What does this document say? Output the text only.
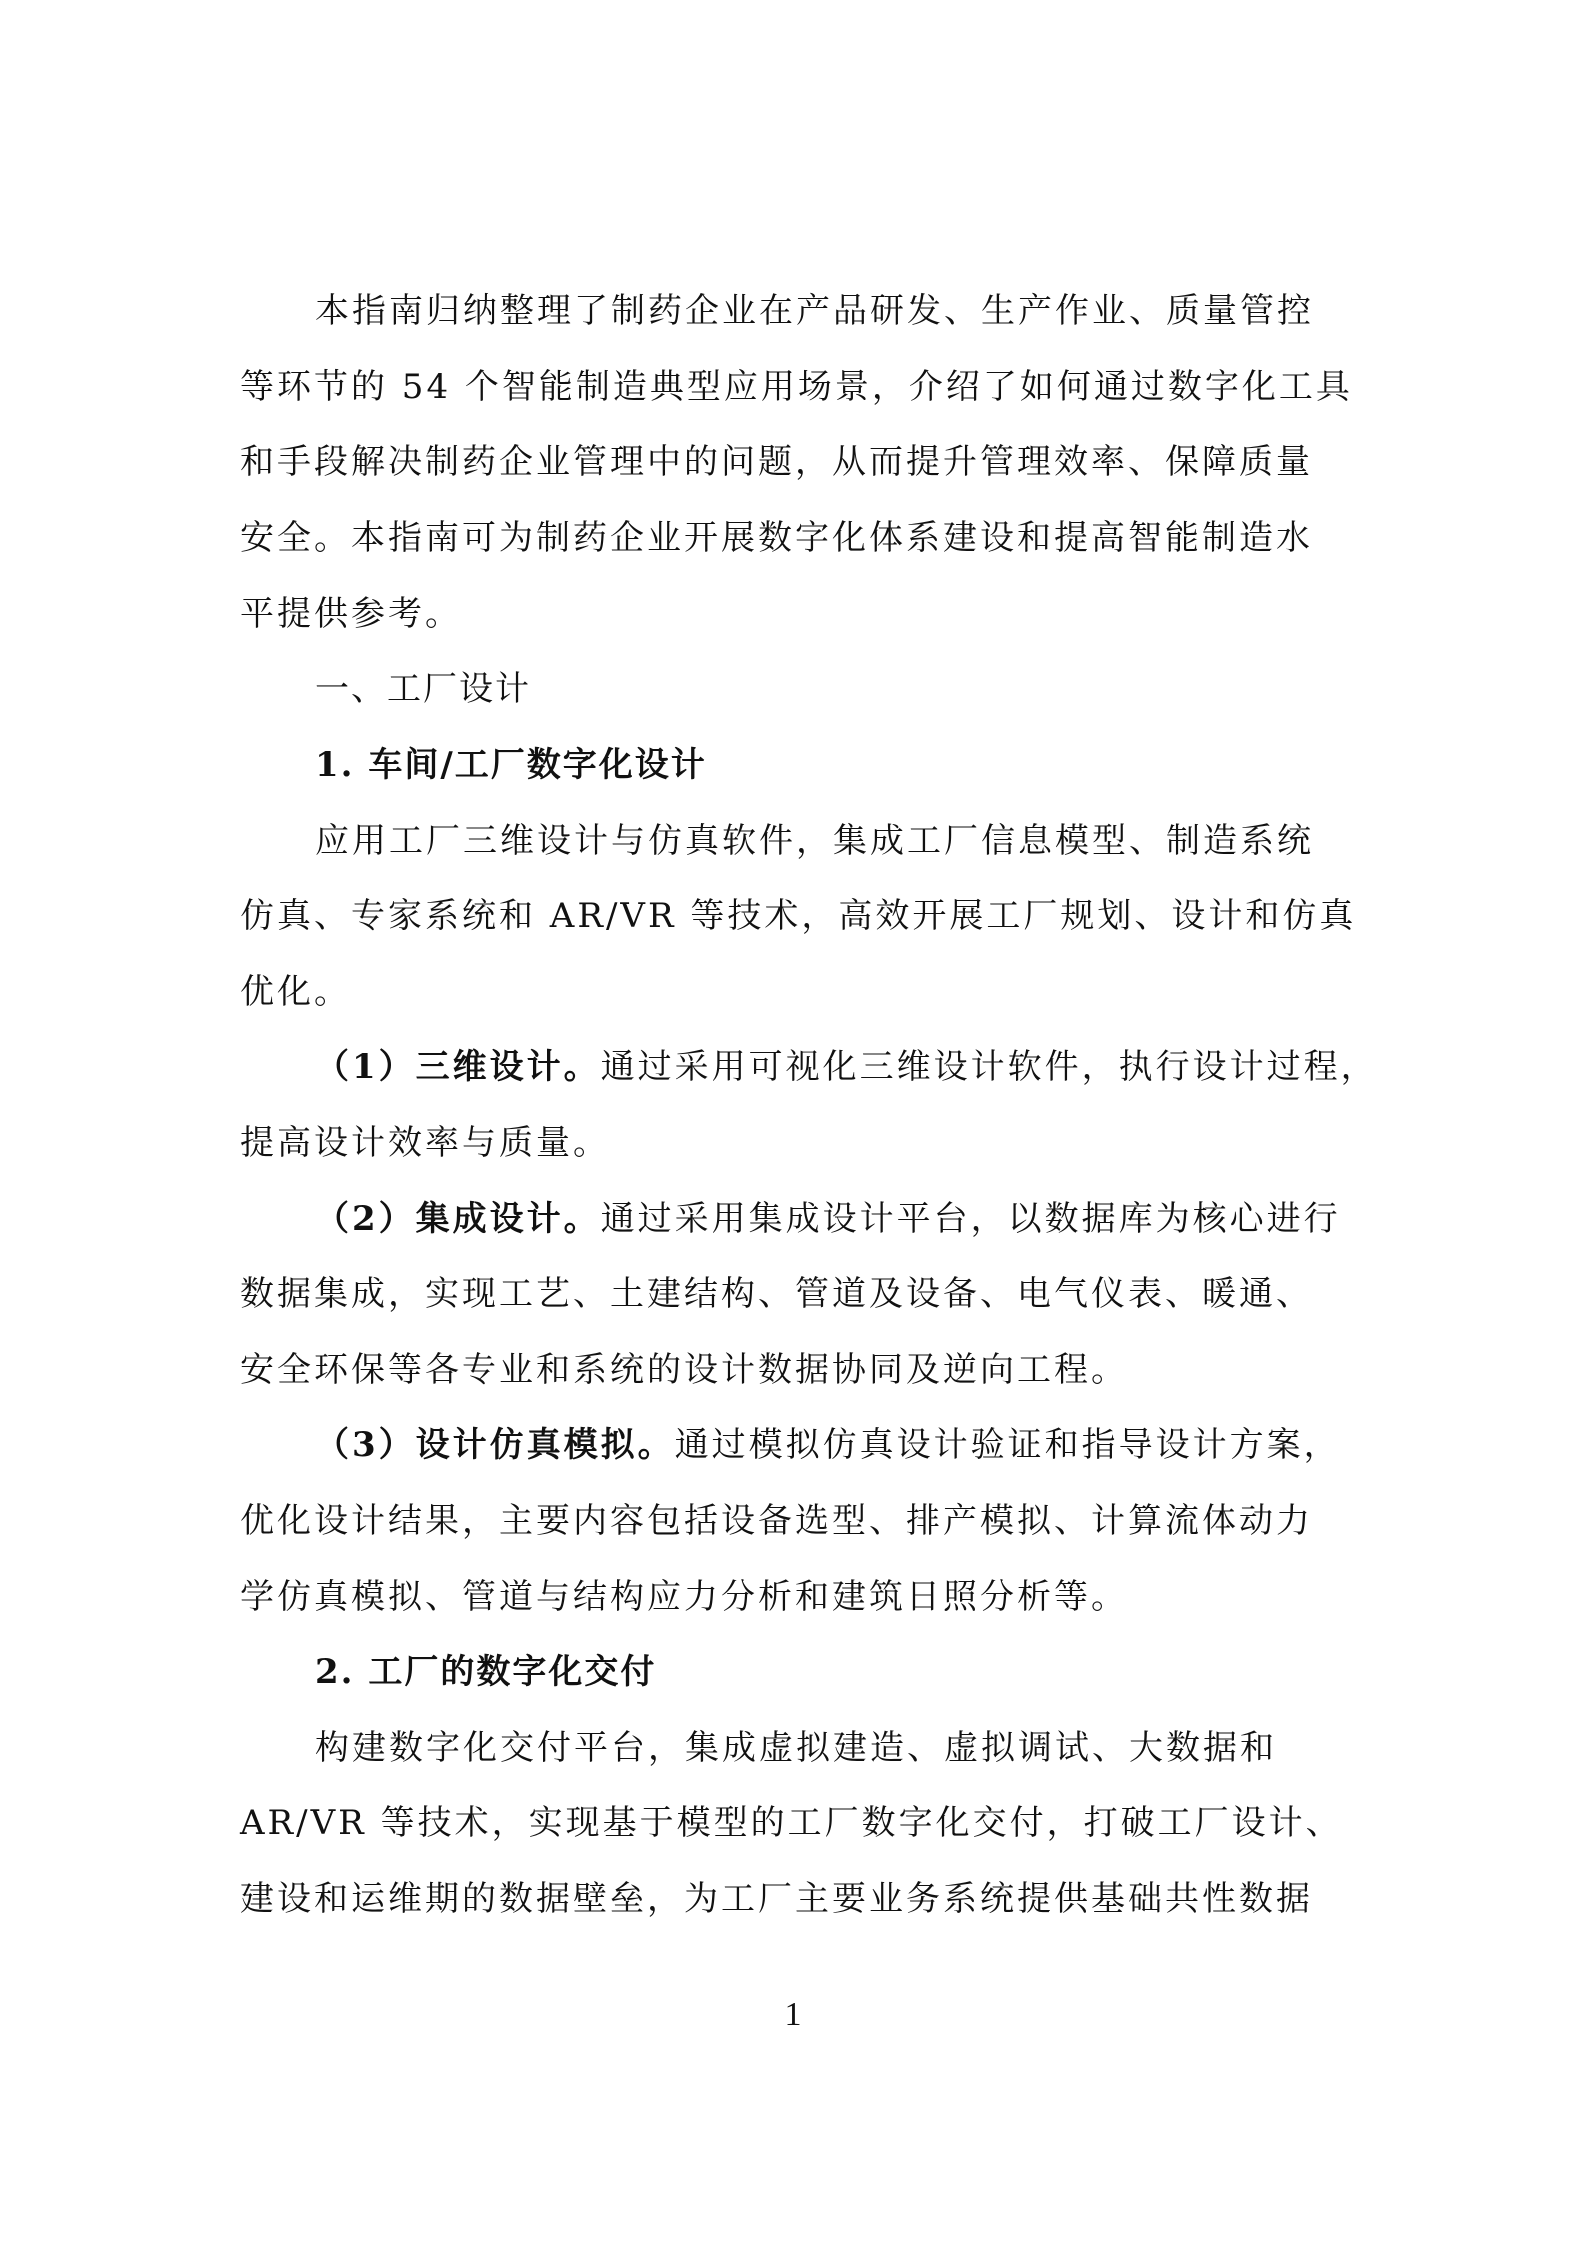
本指南归纳整理了制药企业在产品研发、生产作业、质量管控
等环节的 54 个智能制造典型应用场景，介绍了如何通过数字化工具
和手段解决制药企业管理中的问题，从而提升管理效率、保障质量
安全。本指南可为制药企业开展数字化体系建设和提高智能制造水
平提供参考。
一、工厂设计
1. 车间/工厂数字化设计
应用工厂三维设计与仿真软件，集成工厂信息模型、制造系统
仿真、专家系统和 AR/VR 等技术，高效开展工厂规划、设计和仿真
优化。
（1）三维设计。通过采用可视化三维设计软件，执行设计过程，
提高设计效率与质量。
（2）集成设计。通过采用集成设计平台，以数据库为核心进行
数据集成，实现工艺、土建结构、管道及设备、电气仪表、暖通、
安全环保等各专业和系统的设计数据协同及逆向工程。
（3）设计仿真模拟。通过模拟仿真设计验证和指导设计方案，
优化设计结果，主要内容包括设备选型、排产模拟、计算流体动力
学仿真模拟、管道与结构应力分析和建筑日照分析等。
2. 工厂的数字化交付
构建数字化交付平台，集成虚拟建造、虚拟调试、大数据和
AR/VR 等技术，实现基于模型的工厂数字化交付，打破工厂设计、
建设和运维期的数据壁垒，为工厂主要业务系统提供基础共性数据
1
